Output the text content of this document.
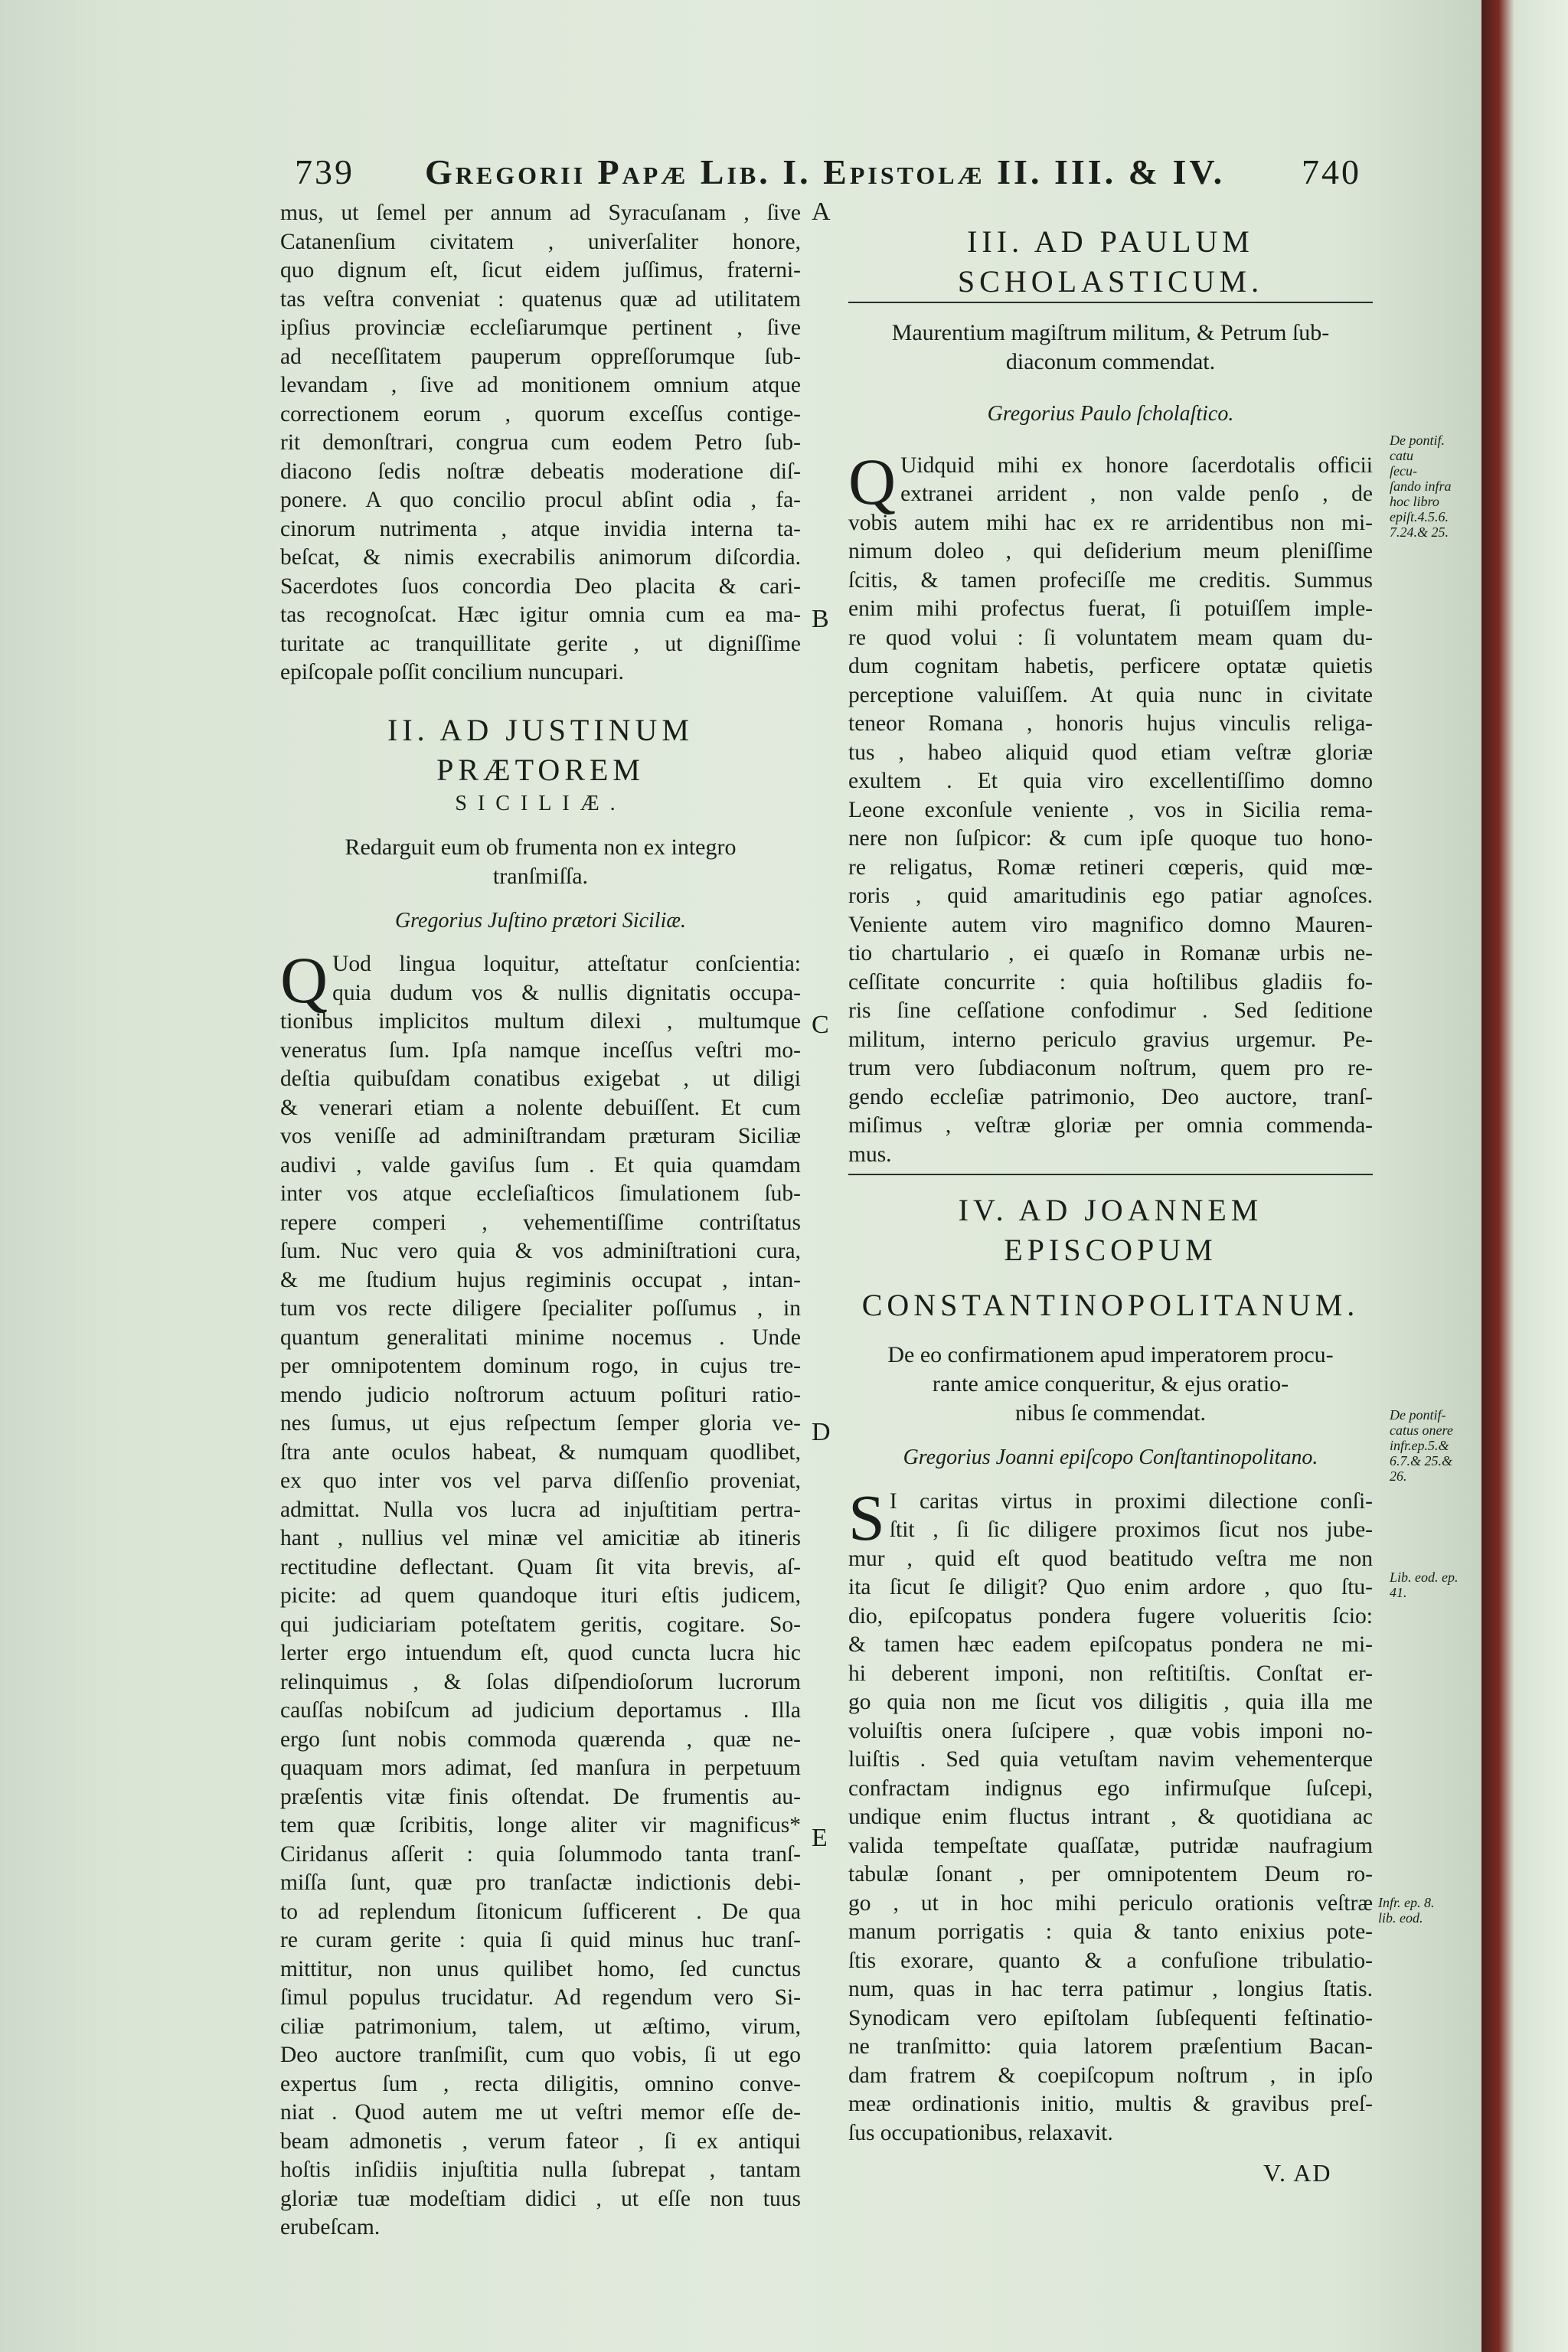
739 Gregorii Papæ Lib. I. Epistolæ II. III. & IV. 740
mus, ut ſemel per annum ad Syracuſanam , ſive
Catanenſium civitatem , univerſaliter honore,
quo dignum eſt, ſicut eidem juſſimus, fraterni-
tas veſtra conveniat : quatenus quæ ad utilitatem
ipſius provinciæ eccleſiarumque pertinent , ſive
ad neceſſitatem pauperum oppreſſorumque ſub-
levandam , ſive ad monitionem omnium atque
correctionem eorum , quorum exceſſus contige-
rit demonſtrari, congrua cum eodem Petro ſub-
diacono ſedis noſtræ debeatis moderatione diſ-
ponere. A quo concilio procul abſint odia , fa-
cinorum nutrimenta , atque invidia interna ta-
beſcat, & nimis execrabilis animorum diſcordia.
Sacerdotes ſuos concordia Deo placita & cari-
tas recognoſcat. Hæc igitur omnia cum ea ma-
turitate ac tranquillitate gerite , ut digniſſime
epiſcopale poſſit concilium nuncupari.
II. AD JUSTINUM PRÆTOREM
SICILIÆ.
Redarguit eum ob frumenta non ex integro
tranſmiſſa.
Gregorius Juſtino prætori Siciliæ.
Q Uod lingua loquitur, atteſtatur conſcientia:
quia dudum vos & nullis dignitatis occupa-
tionibus implicitos multum dilexi , multumque
veneratus ſum. Ipſa namque inceſſus veſtri mo-
deſtia quibuſdam conatibus exigebat , ut diligi
& venerari etiam a nolente debuiſſent. Et cum
vos veniſſe ad adminiſtrandam præturam Siciliæ
audivi , valde gaviſus ſum . Et quia quamdam
inter vos atque eccleſiaſticos ſimulationem ſub-
repere comperi , vehementiſſime contriſtatus
ſum. Nuc vero quia & vos adminiſtrationi cura,
& me ſtudium hujus regiminis occupat , intan-
tum vos recte diligere ſpecialiter poſſumus , in
quantum generalitati minime nocemus . Unde
per omnipotentem dominum rogo, in cujus tre-
mendo judicio noſtrorum actuum poſituri ratio-
nes ſumus, ut ejus reſpectum ſemper gloria ve-
ſtra ante oculos habeat, & numquam quodlibet,
ex quo inter vos vel parva diſſenſio proveniat,
admittat. Nulla vos lucra ad injuſtitiam pertra-
hant , nullius vel minæ vel amicitiæ ab itineris
rectitudine deflectant. Quam ſit vita brevis, aſ-
picite: ad quem quandoque ituri eſtis judicem,
qui judiciariam poteſtatem geritis, cogitare. So-
lerter ergo intuendum eſt, quod cuncta lucra hic
relinquimus , & ſolas diſpendioſorum lucrorum
cauſſas nobiſcum ad judicium deportamus . Illa
ergo ſunt nobis commoda quærenda , quæ ne-
quaquam mors adimat, ſed manſura in perpetuum
præſentis vitæ finis oſtendat. De frumentis au-
tem quæ ſcribitis, longe aliter vir magnificus*
Ciridanus aſſerit : quia ſolummodo tanta tranſ-
miſſa ſunt, quæ pro tranſactæ indictionis debi-
to ad replendum ſitonicum ſufficerent . De qua
re curam gerite : quia ſi quid minus huc tranſ-
mittitur, non unus quilibet homo, ſed cunctus
ſimul populus trucidatur. Ad regendum vero Si-
ciliæ patrimonium, talem, ut æſtimo, virum,
Deo auctore tranſmiſit, cum quo vobis, ſi ut ego
expertus ſum , recta diligitis, omnino conve-
niat . Quod autem me ut veſtri memor eſſe de-
beam admonetis , verum fateor , ſi ex antiqui
hoſtis inſidiis injuſtitia nulla ſubrepat , tantam
gloriæ tuæ modeſtiam didici , ut eſſe non tuus
erubeſcam.
A
B
C
D
E
III. AD PAULUM SCHOLASTICUM.
Maurentium magiſtrum militum, & Petrum ſub-
diaconum commendat.
Gregorius Paulo ſcholaſtico.
Q Uidquid mihi ex honore ſacerdotalis officii
extranei arrident , non valde penſo , de
vobis autem mihi hac ex re arridentibus non mi-
nimum doleo , qui deſiderium meum pleniſſime
ſcitis, & tamen profeciſſe me creditis. Summus
enim mihi profectus fuerat, ſi potuiſſem imple-
re quod volui : ſi voluntatem meam quam du-
dum cognitam habetis, perficere optatæ quietis
perceptione valuiſſem. At quia nunc in civitate
teneor Romana , honoris hujus vinculis religa-
tus , habeo aliquid quod etiam veſtræ gloriæ
exultem . Et quia viro excellentiſſimo domno
Leone exconſule veniente , vos in Sicilia rema-
nere non ſuſpicor: & cum ipſe quoque tuo hono-
re religatus, Romæ retineri cœperis, quid mœ-
roris , quid amaritudinis ego patiar agnoſces.
Veniente autem viro magnifico domno Mauren-
tio chartulario , ei quæſo in Romanæ urbis ne-
ceſſitate concurrite : quia hoſtilibus gladiis fo-
ris ſine ceſſatione confodimur . Sed ſeditione
militum, interno periculo gravius urgemur. Pe-
trum vero ſubdiaconum noſtrum, quem pro re-
gendo eccleſiæ patrimonio, Deo auctore, tranſ-
miſimus , veſtræ gloriæ per omnia commenda-
mus.
IV. AD JOANNEM EPISCOPUM
CONSTANTINOPOLITANUM.
De eo confirmationem apud imperatorem procu-
rante amice conqueritur, & ejus oratio-
nibus ſe commendat.
Gregorius Joanni epiſcopo Conſtantinopolitano.
S I caritas virtus in proximi dilectione conſi-
ſtit , ſi ſic diligere proximos ſicut nos jube-
mur , quid eſt quod beatitudo veſtra me non
ita ſicut ſe diligit? Quo enim ardore , quo ſtu-
dio, epiſcopatus pondera fugere volueritis ſcio:
& tamen hæc eadem epiſcopatus pondera ne mi-
hi deberent imponi, non reſtitiſtis. Conſtat er-
go quia non me ſicut vos diligitis , quia illa me
voluiſtis onera ſuſcipere , quæ vobis imponi no-
luiſtis . Sed quia vetuſtam navim vehementerque
confractam indignus ego infirmuſque ſuſcepi,
undique enim fluctus intrant , & quotidiana ac
valida tempeſtate quaſſatæ, putridæ naufragium
tabulæ ſonant , per omnipotentem Deum ro-
go , ut in hoc mihi periculo orationis veſtræ
manum porrigatis : quia & tanto enixius pote-
ſtis exorare, quanto & a confuſione tribulatio-
num, quas in hac terra patimur , longius ſtatis.
Synodicam vero epiſtolam ſubſequenti feſtinatio-
ne tranſmitto: quia latorem præſentium Bacan-
dam fratrem & coepiſcopum noſtrum , in ipſo
meæ ordinationis initio, multis & gravibus preſ-
ſus occupationibus, relaxavit.
De pontif.
catu
ſecu-
ſando infra
hoc libro
epiſt.4.5.6.
7.24.& 25.
De pontif-
catus onere
infr.ep.5.&
6.7.& 25.&
26.
Lib. eod. ep.
41.
Infr. ep. 8.
lib. eod.
V. AD
